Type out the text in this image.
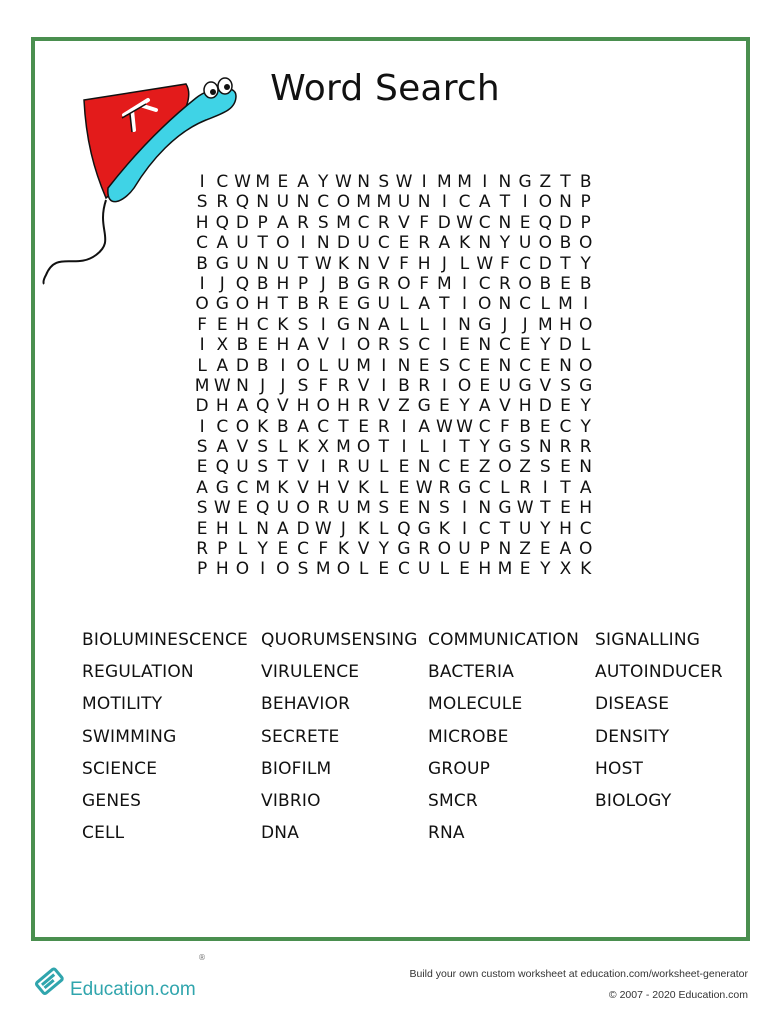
Word Search
I C W M E A Y W N S W I M M I N G Z T B
S R Q N U N C O M M U N I C A T I O N P
H Q D P A R S M C R V F D W C N E Q D P
C A U T O I N D U C E R A K N Y U O B O
B G U N U T W K N V F H J L W F C D T Y
I J Q B H P J B G R O F M I C R O B E B
O G O H T B R E G U L A T I O N C L M I
F E H C K S I G N A L L I N G J J M H O
I X B E H A V I O R S C I E N C E Y D L
L A D B I O L U M I N E S C E N C E N O
M W N J J S F R V I B R I O E U G V S G
D H A Q V H O H R V Z G E Y A V H D E Y
I C O K B A C T E R I A W W C F B E C Y
S A V S L K X M O T I L I T Y G S N R R
E Q U S T V I R U L E N C E Z O Z S E N
A G C M K V H V K L E W R G C L R I T A
S W E Q U O R U M S E N S I N G W T E H
E H L N A D W J K L Q G K I C T U Y H C
R P L Y E C F K V Y G R O U P N Z E A O
P H O I O S M O L E C U L E H M E Y X K
BIOLUMINESCENCE QUORUMSENSING COMMUNICATION SIGNALLING
REGULATION	VIRULENCE	BACTERIA	AUTOINDUCER
MOTILITY	BEHAVIOR	MOLECULE	DISEASE
SWIMMING	SECRETE	MICROBE	DENSITY
SCIENCE	BIOFILM	GROUP	HOST
GENES	VIBRIO	SMCR	BIOLOGY
CELL	DNA	RNA
Education.com
®
Build your own custom worksheet at education.com/worksheet-generator
© 2007 - 2020 Education.com
